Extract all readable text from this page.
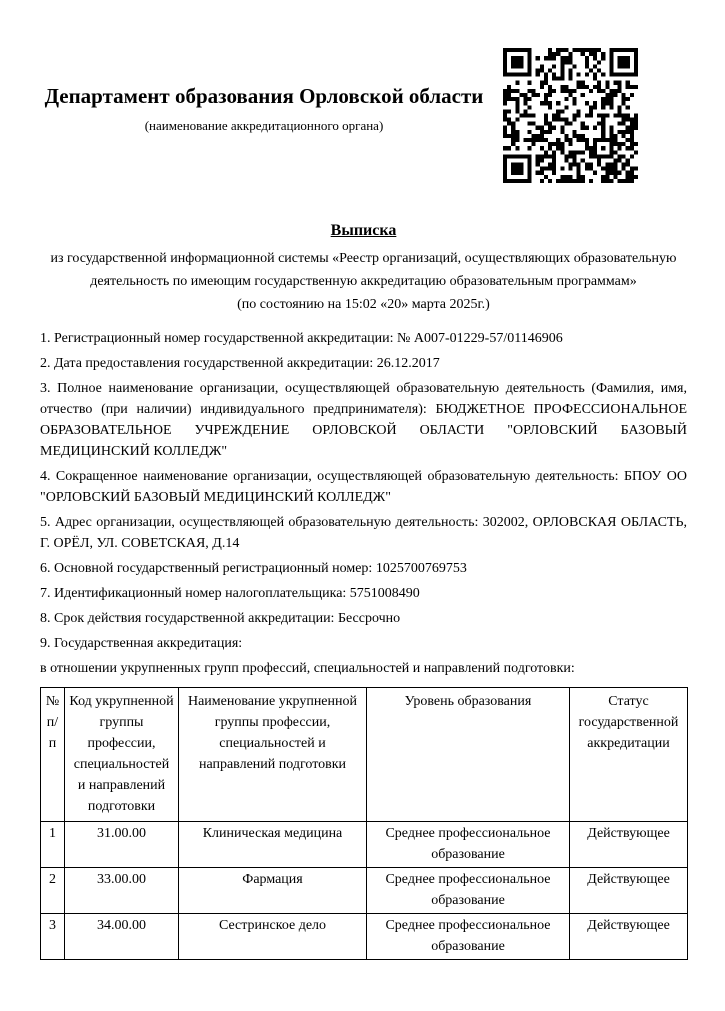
Департамент образования Орловской области
(наименование аккредитационного органа)
Выписка
из государственной информационной системы «Реестр организаций, осуществляющих образовательную деятельность по имеющим государственную аккредитацию образовательным программам»
(по состоянию на 15:02 «20» марта 2025г.)

1. Регистрационный номер государственной аккредитации: № А007-01229-57/01146906

2. Дата предоставления государственной аккредитации: 26.12.2017

3. Полное наименование организации, осуществляющей образовательную деятельность (Фамилия, имя, отчество (при наличии) индивидуального предпринимателя): БЮДЖЕТНОЕ ПРОФЕССИОНАЛЬНОЕ ОБРАЗОВАТЕЛЬНОЕ УЧРЕЖДЕНИЕ ОРЛОВСКОЙ ОБЛАСТИ "ОРЛОВСКИЙ БАЗОВЫЙ МЕДИЦИНСКИЙ КОЛЛЕДЖ"

4. Сокращенное наименование организации, осуществляющей образовательную деятельность: БПОУ ОО "ОРЛОВСКИЙ БАЗОВЫЙ МЕДИЦИНСКИЙ КОЛЛЕДЖ"

5. Адрес организации, осуществляющей образовательную деятельность: 302002, ОРЛОВСКАЯ ОБЛАСТЬ, Г. ОРЁЛ, УЛ. СОВЕТСКАЯ, Д.14

6. Основной государственный регистрационный номер: 1025700769753

7. Идентификационный номер налогоплательщика: 5751008490

8. Срок действия государственной аккредитации: Бессрочно

9. Государственная аккредитация:

в отношении укрупненных групп профессий, специальностей и направлений подготовки:

№ п/п	Код укрупненной группы профессии, специальностей и направлений подготовки	Наименование укрупненной группы профессии, специальностей и направлений подготовки	Уровень образования	Статус государственной аккредитации
1	31.00.00	Клиническая медицина	Среднее профессиональное образование	Действующее
2	33.00.00	Фармация	Среднее профессиональное образование	Действующее
3	34.00.00	Сестринское дело	Среднее профессиональное образование	Действующее
